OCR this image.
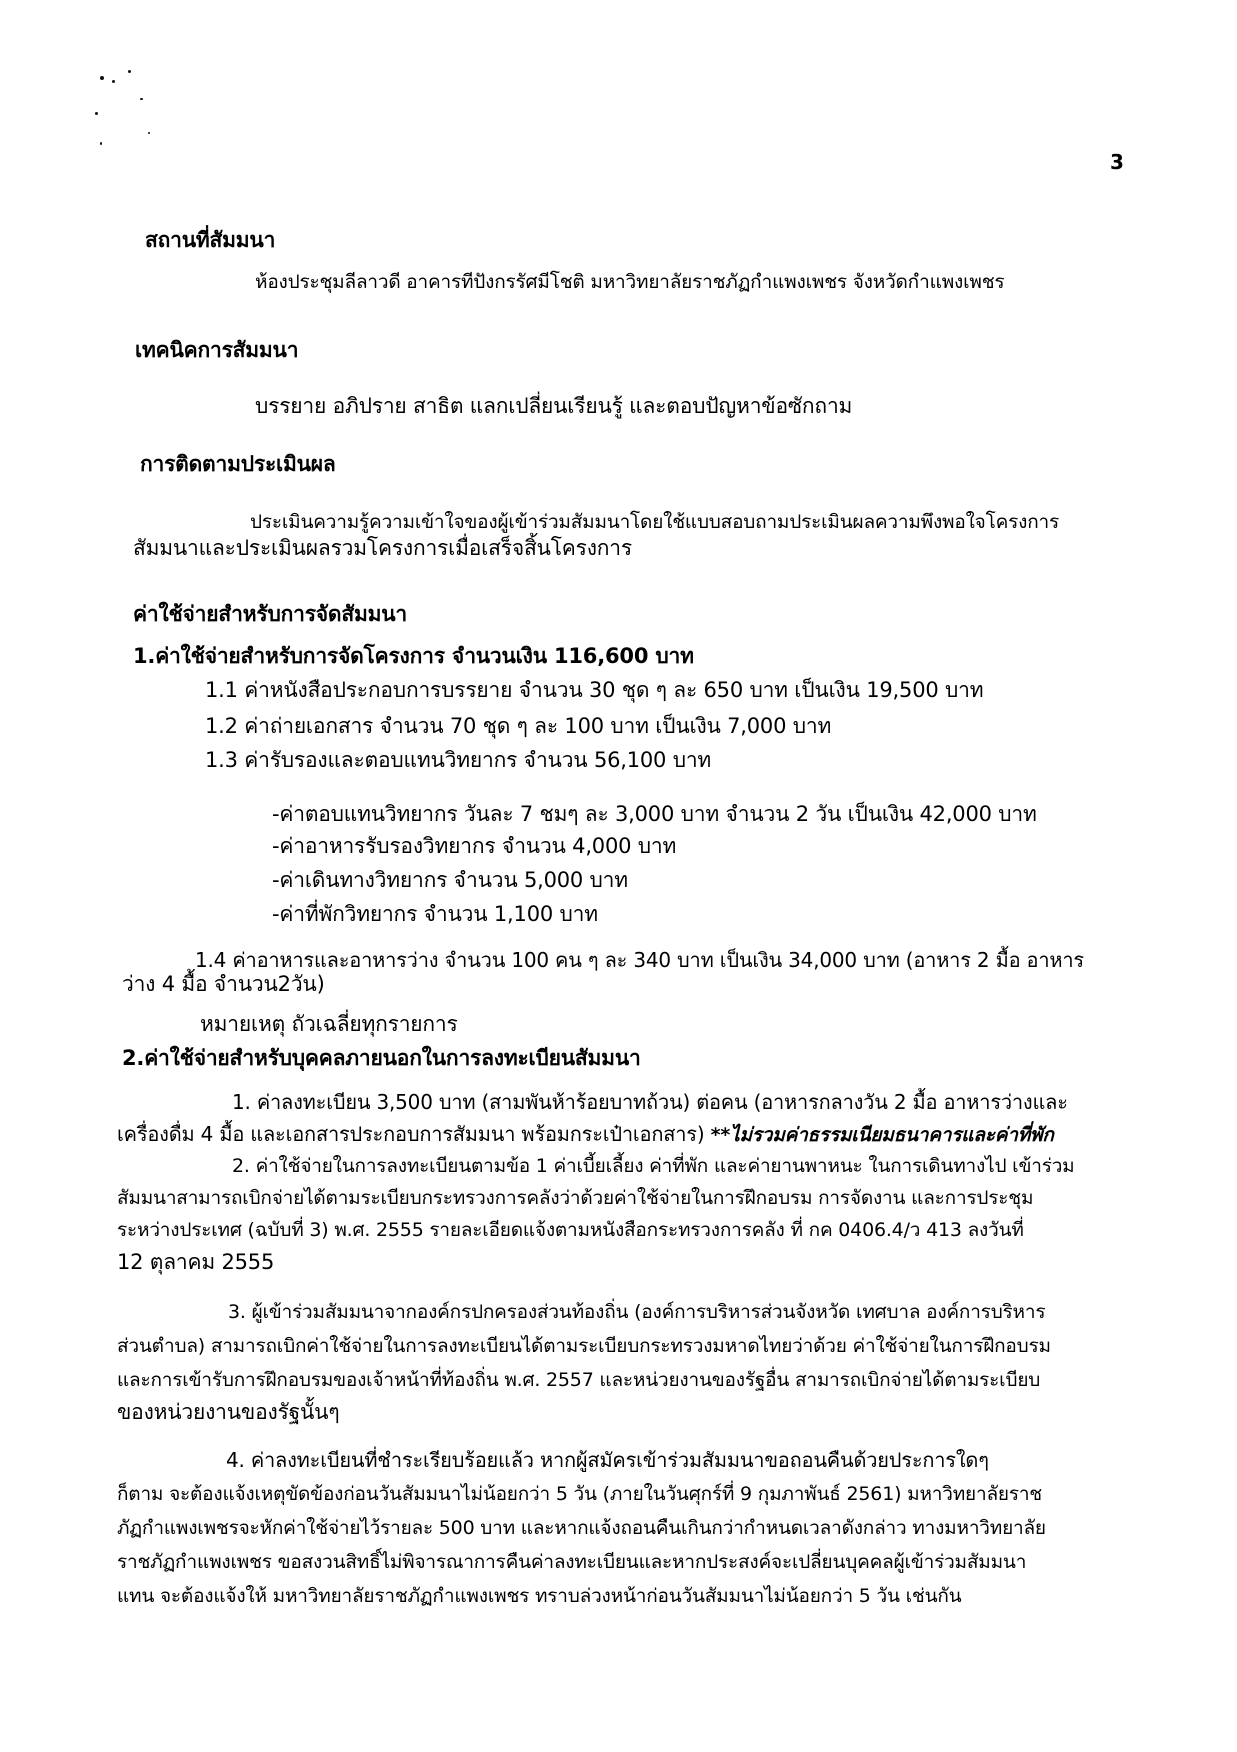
3
สถานที่สัมมนา
ห้องประชุมลีลาวดี อาคารทีปังกรรัศมีโชติ มหาวิทยาลัยราชภัฏกำแพงเพชร จังหวัดกำแพงเพชร
เทคนิคการสัมมนา
บรรยาย อภิปราย สาธิต แลกเปลี่ยนเรียนรู้ และตอบปัญหาข้อซักถาม
การติดตามประเมินผล
ประเมินความรู้ความเข้าใจของผู้เข้าร่วมสัมมนาโดยใช้แบบสอบถามประเมินผลความพึงพอใจโครงการ
สัมมนาและประเมินผลรวมโครงการเมื่อเสร็จสิ้นโครงการ
ค่าใช้จ่ายสำหรับการจัดสัมมนา
1.ค่าใช้จ่ายสำหรับการจัดโครงการ จำนวนเงิน 116,600 บาท
1.1 ค่าหนังสือประกอบการบรรยาย จำนวน 30 ชุด ๆ ละ 650 บาท เป็นเงิน 19,500 บาท
1.2 ค่าถ่ายเอกสาร จำนวน 70 ชุด ๆ ละ 100 บาท เป็นเงิน 7,000 บาท
1.3 ค่ารับรองและตอบแทนวิทยากร จำนวน 56,100 บาท
-ค่าตอบแทนวิทยากร วันละ 7 ชมๆ ละ 3,000 บาท จำนวน 2 วัน เป็นเงิน 42,000 บาท
-ค่าอาหารรับรองวิทยากร จำนวน 4,000 บาท
-ค่าเดินทางวิทยากร จำนวน 5,000 บาท
-ค่าที่พักวิทยากร จำนวน 1,100 บาท
1.4 ค่าอาหารและอาหารว่าง จำนวน 100 คน ๆ ละ 340 บาท เป็นเงิน 34,000 บาท (อาหาร 2 มื้อ อาหาร
ว่าง 4 มื้อ จำนวน2วัน)
หมายเหตุ ถัวเฉลี่ยทุกรายการ
2.ค่าใช้จ่ายสำหรับบุคคลภายนอกในการลงทะเบียนสัมมนา
1. ค่าลงทะเบียน 3,500 บาท (สามพันห้าร้อยบาทถ้วน) ต่อคน (อาหารกลางวัน 2 มื้อ อาหารว่างและ
เครื่องดื่ม 4 มื้อ และเอกสารประกอบการสัมมนา พร้อมกระเป๋าเอกสาร) **ไม่รวมค่าธรรมเนียมธนาคารและค่าที่พัก
2. ค่าใช้จ่ายในการลงทะเบียนตามข้อ 1 ค่าเบี้ยเลี้ยง ค่าที่พัก และค่ายานพาหนะ ในการเดินทางไป เข้าร่วม
สัมมนาสามารถเบิกจ่ายได้ตามระเบียบกระทรวงการคลังว่าด้วยค่าใช้จ่ายในการฝึกอบรม การจัดงาน และการประชุม
ระหว่างประเทศ (ฉบับที่ 3) พ.ศ. 2555 รายละเอียดแจ้งตามหนังสือกระทรวงการคลัง ที่ กค 0406.4/ว 413 ลงวันที่
12 ตุลาคม 2555
3. ผู้เข้าร่วมสัมมนาจากองค์กรปกครองส่วนท้องถิ่น (องค์การบริหารส่วนจังหวัด เทศบาล องค์การบริหาร
ส่วนตำบล) สามารถเบิกค่าใช้จ่ายในการลงทะเบียนได้ตามระเบียบกระทรวงมหาดไทยว่าด้วย ค่าใช้จ่ายในการฝึกอบรม
และการเข้ารับการฝึกอบรมของเจ้าหน้าที่ท้องถิ่น พ.ศ. 2557 และหน่วยงานของรัฐอื่น สามารถเบิกจ่ายได้ตามระเบียบ
ของหน่วยงานของรัฐนั้นๆ
4. ค่าลงทะเบียนที่ชำระเรียบร้อยแล้ว หากผู้สมัครเข้าร่วมสัมมนาขอถอนคืนด้วยประการใดๆ
ก็ตาม จะต้องแจ้งเหตุขัดข้องก่อนวันสัมมนาไม่น้อยกว่า 5 วัน (ภายในวันศุกร์ที่ 9 กุมภาพันธ์ 2561) มหาวิทยาลัยราช
ภัฏกำแพงเพชรจะหักค่าใช้จ่ายไว้รายละ 500 บาท และหากแจ้งถอนคืนเกินกว่ากำหนดเวลาดังกล่าว ทางมหาวิทยาลัย
ราชภัฏกำแพงเพชร ขอสงวนสิทธิ์ไม่พิจารณาการคืนค่าลงทะเบียนและหากประสงค์จะเปลี่ยนบุคคลผู้เข้าร่วมสัมมนา
แทน จะต้องแจ้งให้ มหาวิทยาลัยราชภัฏกำแพงเพชร ทราบล่วงหน้าก่อนวันสัมมนาไม่น้อยกว่า 5 วัน เช่นกัน
